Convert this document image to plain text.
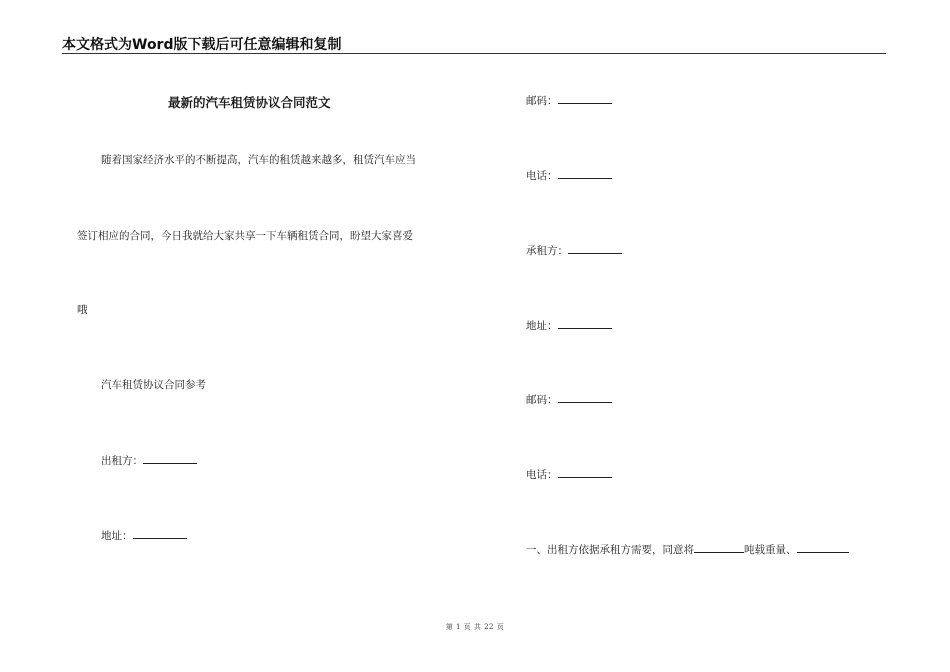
本文格式为Word版下载后可任意编辑和复制
最新的汽车租赁协议合同范文
随着国家经济水平的不断提高，汽车的租赁越来越多，租赁汽车应当
签订相应的合同，今日我就给大家共享一下车辆租赁合同，盼望大家喜爱
哦
汽车租赁协议合同参考
出租方：
地址：
邮码：
电话：
承租方：
地址：
邮码：
电话：
一、出租方依据承租方需要，同意将	吨载重量、
第 1 页 共 22 页
